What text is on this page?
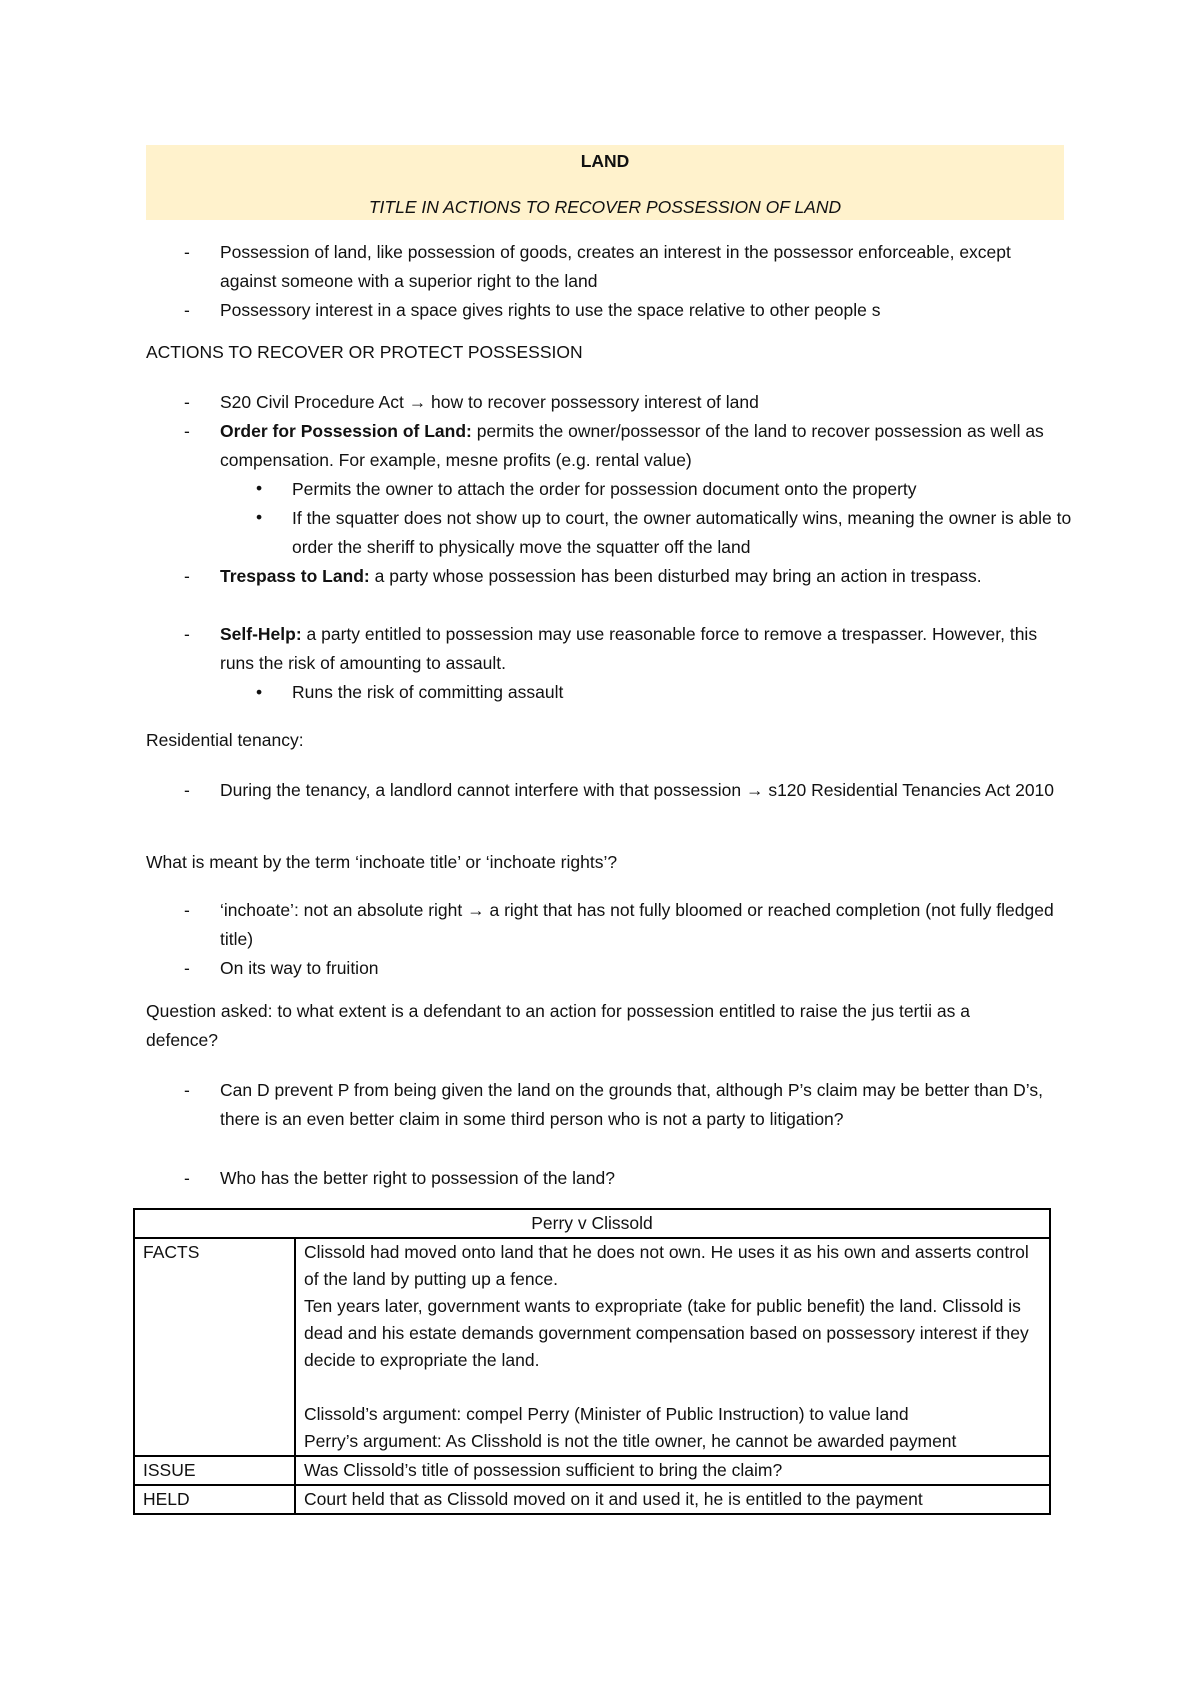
LAND
TITLE IN ACTIONS TO RECOVER POSSESSION OF LAND
- Possession of land, like possession of goods, creates an interest in the possessor enforceable, except against someone with a superior right to the land
- Possessory interest in a space gives rights to use the space relative to other people s
ACTIONS TO RECOVER OR PROTECT POSSESSION
- S20 Civil Procedure Act → how to recover possessory interest of land
- Order for Possession of Land: permits the owner/possessor of the land to recover possession as well as compensation. For example, mesne profits (e.g. rental value)
• Permits the owner to attach the order for possession document onto the property
• If the squatter does not show up to court, the owner automatically wins, meaning the owner is able to order the sheriff to physically move the squatter off the land
- Trespass to Land: a party whose possession has been disturbed may bring an action in trespass.
- Self-Help: a party entitled to possession may use reasonable force to remove a trespasser. However, this runs the risk of amounting to assault.
• Runs the risk of committing assault
Residential tenancy:
- During the tenancy, a landlord cannot interfere with that possession → s120 Residential Tenancies Act 2010
What is meant by the term ‘inchoate title’ or ‘inchoate rights’?
- ‘inchoate’: not an absolute right → a right that has not fully bloomed or reached completion (not fully fledged title)
- On its way to fruition
Question asked: to what extent is a defendant to an action for possession entitled to raise the jus tertii as a defence?
- Can D prevent P from being given the land on the grounds that, although P’s claim may be better than D’s, there is an even better claim in some third person who is not a party to litigation?
- Who has the better right to possession of the land?
Perry v Clissold	
FACTS	Clissold had moved onto land that he does not own. He uses it as his own and asserts control of the land by putting up a fence.
Ten years later, government wants to expropriate (take for public benefit) the land. Clissold is dead and his estate demands government compensation based on possessory interest if they decide to expropriate the land.
Clissold’s argument: compel Perry (Minister of Public Instruction) to value land
Perry’s argument: As Clisshold is not the title owner, he cannot be awarded payment

ISSUE	Was Clissold’s title of possession sufficient to bring the claim?
HELD	Court held that as Clissold moved on it and used it, he is entitled to the payment
